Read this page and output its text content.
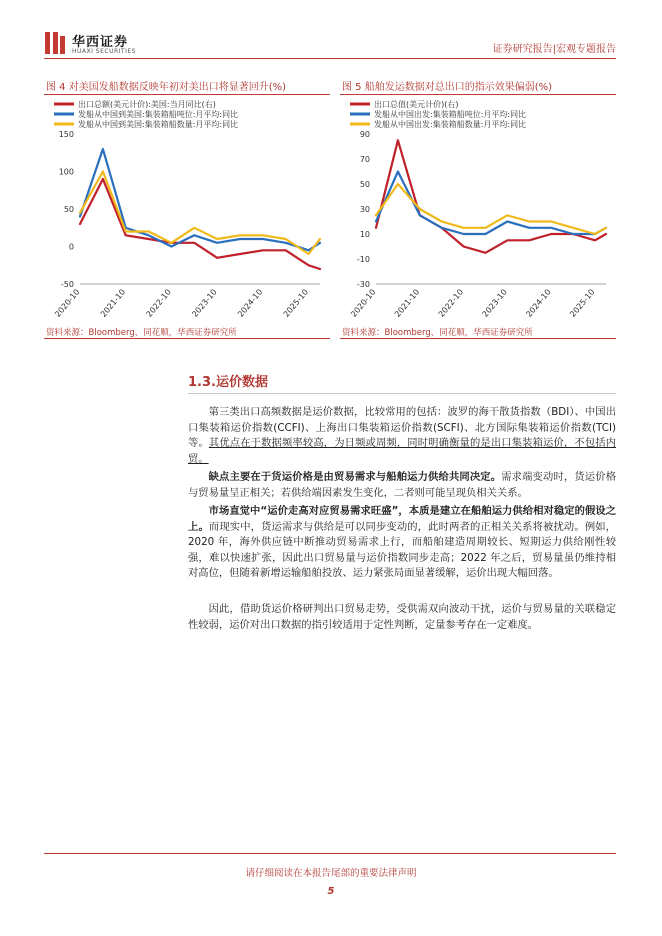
华西证券
HUAXI SECURITIES	证券研究报告|宏观专题报告
图 4 对美国发船数据反映年初对美出口将显著回升(%)
出口总额(美元计价):美国:当月同比(右)
发船从中国到美国:集装箱船吨位:月平均:同比
发船从中国到美国:集装箱船数量:月平均:同比
-50
0
50
100
150
2020-10 2021-10 2022-10 2023-10 2024-10 2025-10
资料来源：Bloomberg，同花顺，华西证券研究所
图 5 船舶发运数据对总出口的指示效果偏弱(%)
出口总值(美元计价)(右)
发船从中国出发:集装箱船吨位:月平均:同比
发船从中国出发:集装箱船数量:月平均:同比
-30
-10
10
30
50
70
90
2020-10 2021-10 2022-10 2023-10 2024-10 2025-10
资料来源：Bloomberg，同花顺，华西证券研究所
1.3.运价数据

第三类出口高频数据是运价数据，比较常用的包括：波罗的海干散货指数（BDI）、中国出口集装箱运价指数(CCFI)、上海出口集装箱运价指数(SCFI)、北方国际集装箱运价指数(TCI)等。其优点在于数据频率较高，为日频或周频，同时明确衡量的是出口集装箱运价，不包括内贸。

缺点主要在于货运价格是由贸易需求与船舶运力供给共同决定。需求端变动时，货运价格与贸易量呈正相关；若供给端因素发生变化，二者则可能呈现负相关关系。

市场直觉中“运价走高对应贸易需求旺盛”，本质是建立在船舶运力供给相对稳定的假设之上。而现实中，货运需求与供给是可以同步变动的，此时两者的正相关关系将被扰动。例如，2020 年，海外供应链中断推动贸易需求上行，而船舶建造周期较长、短期运力供给刚性较强，难以快速扩张，因此出口贸易量与运价指数同步走高；2022 年之后，贸易量虽仍维持相对高位，但随着新增运输船舶投放、运力紧张局面显著缓解，运价出现大幅回落。

因此，借助货运价格研判出口贸易走势，受供需双向波动干扰，运价与贸易量的关联稳定性较弱，运价对出口数据的指引较适用于定性判断，定量参考存在一定难度。

请仔细阅读在本报告尾部的重要法律声明
5
